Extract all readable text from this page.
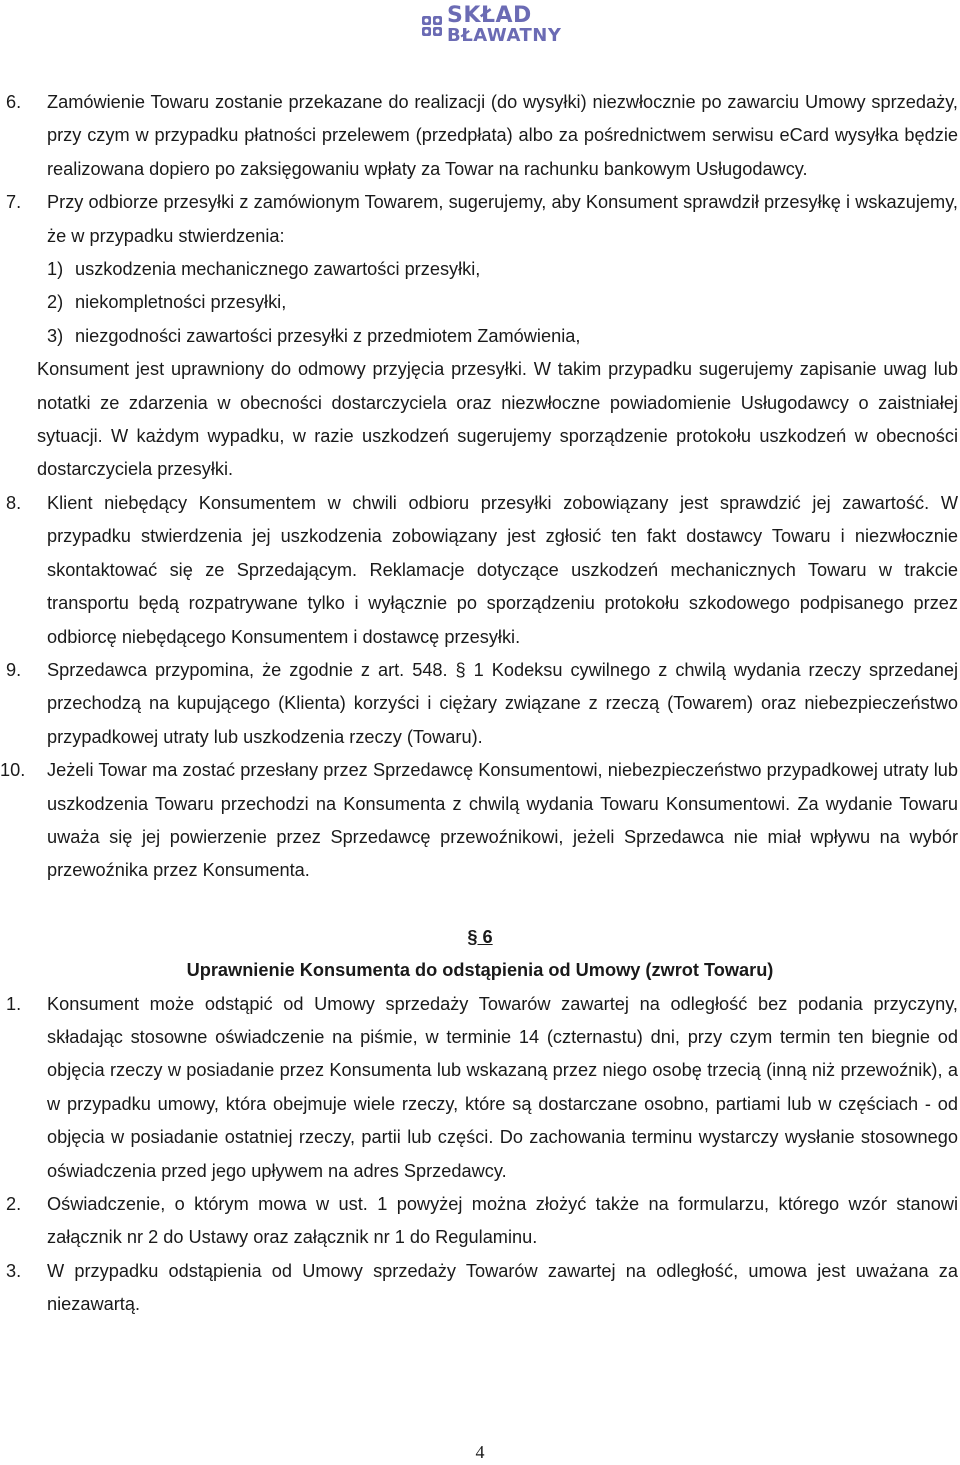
SKŁAD
BŁAWATNY
6.	Zamówienie Towaru zostanie przekazane do realizacji (do wysyłki) niezwłocznie po zawarciu Umowy sprzedaży, przy czym w przypadku płatności przelewem (przedpłata) albo za pośrednictwem serwisu eCard wysyłka będzie realizowana dopiero po zaksięgowaniu wpłaty za Towar na rachunku bankowym Usługodawcy.
7.	Przy odbiorze przesyłki z zamówionym Towarem, sugerujemy, aby Konsument sprawdził przesyłkę i wskazujemy, że w przypadku stwierdzenia:
1) uszkodzenia mechanicznego zawartości przesyłki,
2) niekompletności przesyłki,
3) niezgodności zawartości przesyłki z przedmiotem Zamówienia,
Konsument jest uprawniony do odmowy przyjęcia przesyłki. W takim przypadku sugerujemy zapisanie uwag lub notatki ze zdarzenia w obecności dostarczyciela oraz niezwłoczne powiadomienie Usługodawcy o zaistniałej sytuacji. W każdym wypadku, w razie uszkodzeń sugerujemy sporządzenie protokołu uszkodzeń w obecności dostarczyciela przesyłki.
8.	Klient niebędący Konsumentem w chwili odbioru przesyłki zobowiązany jest sprawdzić jej zawartość. W przypadku stwierdzenia jej uszkodzenia zobowiązany jest zgłosić ten fakt dostawcy Towaru i niezwłocznie skontaktować się ze Sprzedającym. Reklamacje dotyczące uszkodzeń mechanicznych Towaru w trakcie transportu będą rozpatrywane tylko i wyłącznie po sporządzeniu protokołu szkodowego podpisanego przez odbiorcę niebędącego Konsumentem i dostawcę przesyłki.
9.	Sprzedawca przypomina, że zgodnie z art. 548. § 1 Kodeksu cywilnego z chwilą wydania rzeczy sprzedanej przechodzą na kupującego (Klienta) korzyści i ciężary związane z rzeczą (Towarem) oraz niebezpieczeństwo przypadkowej utraty lub uszkodzenia rzeczy (Towaru).
10.	Jeżeli Towar ma zostać przesłany przez Sprzedawcę Konsumentowi, niebezpieczeństwo przypadkowej utraty lub uszkodzenia Towaru przechodzi na Konsumenta z chwilą wydania Towaru Konsumentowi. Za wydanie Towaru uważa się jej powierzenie przez Sprzedawcę przewoźnikowi, jeżeli Sprzedawca nie miał wpływu na wybór przewoźnika przez Konsumenta.
§ 6
Uprawnienie Konsumenta do odstąpienia od Umowy (zwrot Towaru)
1.	Konsument może odstąpić od Umowy sprzedaży Towarów zawartej na odległość bez podania przyczyny, składając stosowne oświadczenie na piśmie, w terminie 14 (czternastu) dni, przy czym termin ten biegnie od objęcia rzeczy w posiadanie przez Konsumenta lub wskazaną przez niego osobę trzecią (inną niż przewoźnik), a w przypadku umowy, która obejmuje wiele rzeczy, które są dostarczane osobno, partiami lub w częściach - od objęcia w posiadanie ostatniej rzeczy, partii lub części. Do zachowania terminu wystarczy wysłanie stosownego oświadczenia przed jego upływem na adres Sprzedawcy.
2.	Oświadczenie, o którym mowa w ust. 1 powyżej można złożyć także na formularzu, którego wzór stanowi załącznik nr 2 do Ustawy oraz załącznik nr 1 do Regulaminu.
3.	W przypadku odstąpienia od Umowy sprzedaży Towarów zawartej na odległość, umowa jest uważana za niezawartą.
4
